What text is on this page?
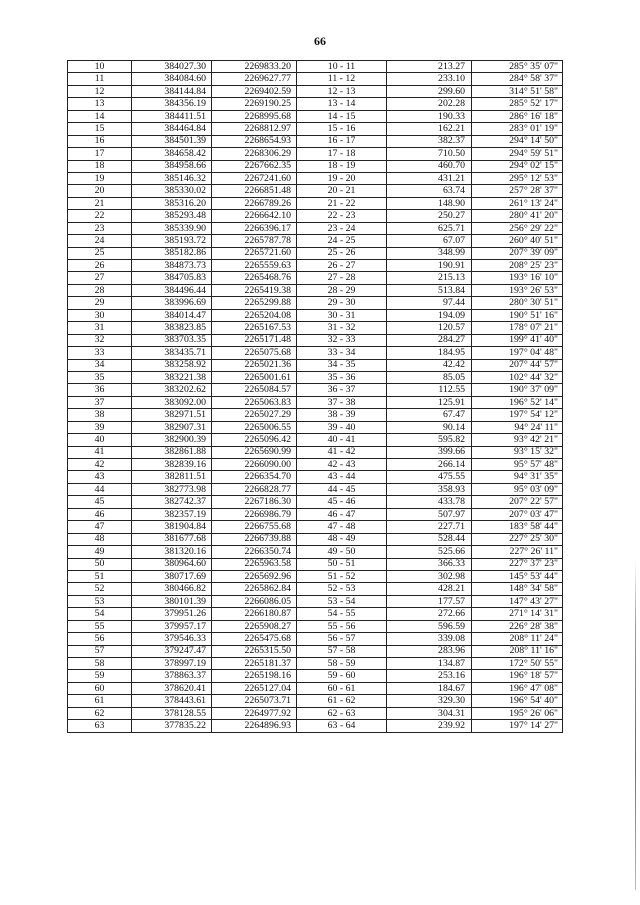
66
10	384027.30	2269833.20	10 - 11	213.27	285° 35' 07"
11	384084.60	2269627.77	11 - 12	233.10	284° 58' 37"
12	384144.84	2269402.59	12 - 13	299.60	314° 51' 58"
13	384356.19	2269190.25	13 - 14	202.28	285° 52' 17"
14	384411.51	2268995.68	14 - 15	190.33	286° 16' 18"
15	384464.84	2268812.97	15 - 16	162.21	283° 01' 19"
16	384501.39	2268654.93	16 - 17	382.37	294° 14' 50"
17	384658.42	2268306.29	17 - 18	710.50	294° 59' 51"
18	384958.66	2267662.35	18 - 19	460.70	294° 02' 15"
19	385146.32	2267241.60	19 - 20	431.21	295° 12' 53"
20	385330.02	2266851.48	20 - 21	63.74	257° 28' 37"
21	385316.20	2266789.26	21 - 22	148.90	261° 13' 24"
22	385293.48	2266642.10	22 - 23	250.27	280° 41' 20"
23	385339.90	2266396.17	23 - 24	625.71	256° 29' 22"
24	385193.72	2265787.78	24 - 25	67.07	260° 40' 51"
25	385182.86	2265721.60	25 - 26	348.99	207° 39' 09"
26	384873.73	2265559.63	26 - 27	190.91	208° 25' 23"
27	384705.83	2265468.76	27 - 28	215.13	193° 16' 10"
28	384496.44	2265419.38	28 - 29	513.84	193° 26' 53"
29	383996.69	2265299.88	29 - 30	97.44	280° 30' 51"
30	384014.47	2265204.08	30 - 31	194.09	190° 51' 16"
31	383823.85	2265167.53	31 - 32	120.57	178° 07' 21"
32	383703.35	2265171.48	32 - 33	284.27	199° 41' 40"
33	383435.71	2265075.68	33 - 34	184.95	197° 04' 48"
34	383258.92	2265021.36	34 - 35	42.42	207° 44' 57"
35	383221.38	2265001.61	35 - 36	85.05	102° 44' 32"
36	383202.62	2265084.57	36 - 37	112.55	190° 37' 09"
37	383092.00	2265063.83	37 - 38	125.91	196° 52' 14"
38	382971.51	2265027.29	38 - 39	67.47	197° 54' 12"
39	382907.31	2265006.55	39 - 40	90.14	94° 24' 11"
40	382900.39	2265096.42	40 - 41	595.82	93° 42' 21"
41	382861.88	2265690.99	41 - 42	399.66	93° 15' 32"
42	382839.16	2266090.00	42 - 43	266.14	95° 57' 48"
43	382811.51	2266354.70	43 - 44	475.55	94° 31' 35"
44	382773.98	2266828.77	44 - 45	358.93	95° 03' 09"
45	382742.37	2267186.30	45 - 46	433.78	207° 22' 57"
46	382357.19	2266986.79	46 - 47	507.97	207° 03' 47"
47	381904.84	2266755.68	47 - 48	227.71	183° 58' 44"
48	381677.68	2266739.88	48 - 49	528.44	227° 25' 30"
49	381320.16	2266350.74	49 - 50	525.66	227° 26' 11"
50	380964.60	2265963.58	50 - 51	366.33	227° 37' 23"
51	380717.69	2265692.96	51 - 52	302.98	145° 53' 44"
52	380466.82	2265862.84	52 - 53	428.21	148° 34' 58"
53	380101.39	2266086.05	53 - 54	177.57	147° 43' 27"
54	379951.26	2266180.87	54 - 55	272.66	271° 14' 31"
55	379957.17	2265908.27	55 - 56	596.59	226° 28' 38"
56	379546.33	2265475.68	56 - 57	339.08	208° 11' 24"
57	379247.47	2265315.50	57 - 58	283.96	208° 11' 16"
58	378997.19	2265181.37	58 - 59	134.87	172° 50' 55"
59	378863.37	2265198.16	59 - 60	253.16	196° 18' 57"
60	378620.41	2265127.04	60 - 61	184.67	196° 47' 08"
61	378443.61	2265073.71	61 - 62	329.30	196° 54' 40"
62	378128.55	2264977.92	62 - 63	304.31	195° 26' 06"
63	377835.22	2264896.93	63 - 64	239.92	197° 14' 27"
